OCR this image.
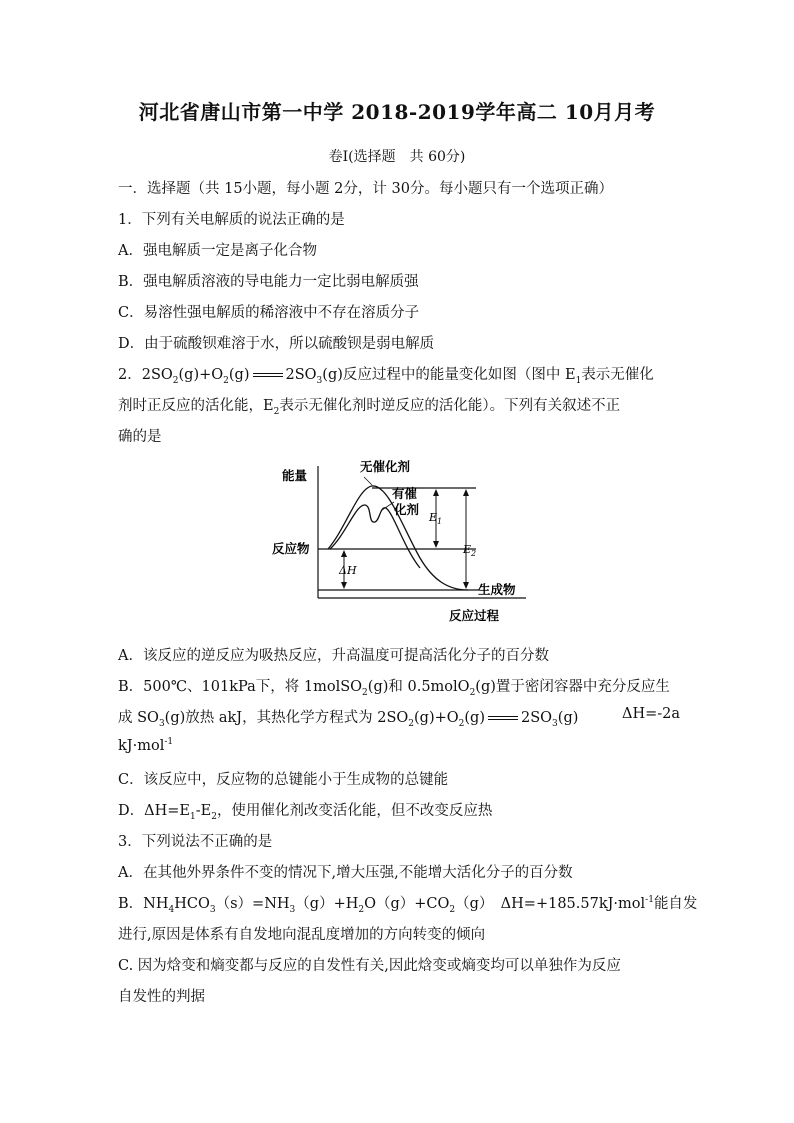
河北省唐山市第一中学 2018-2019学年高二 10月月考
卷Ⅰ(选择题　共 60分)
一．选择题（共 15小题，每小题 2分，计 30分。每小题只有一个选项正确）
1．下列有关电解质的说法正确的是
A．强电解质一定是离子化合物
B．强电解质溶液的导电能力一定比弱电解质强
C．易溶性强电解质的稀溶液中不存在溶质分子
D．由于硫酸钡难溶于水，所以硫酸钡是弱电解质
2．$2SO_2(g)+O_2(g)$ $2SO_3(g)$反应过程中的能量变化如图（图中 $E_1$表示无催化
剂时正反应的活化能，$E_2$表示无催化剂时逆反应的活化能）。下列有关叙述不正
确的是
能量
无催化剂
有催
化剂
反应物
ΔH
$E_1$
$E_2$
生成物
反应过程
A．该反应的逆反应为吸热反应，升高温度可提高活化分子的百分数
B．500℃、101kPa下，将 1molSO$_2$(g)和 0.5molO$_2$(g)置于密闭容器中充分反应生
成 $SO_3(g)$放热 akJ，其热化学方程式为 $2SO_2(g)+O_2(g)$ $2SO_3(g)$	ΔH=-2a
kJ·mol$^{-1}$
C．该反应中，反应物的总键能小于生成物的总键能
D．$\Delta H=E_1-E_2$，使用催化剂改变活化能，但不改变反应热
3．下列说法不正确的是
A．在其他外界条件不变的情况下,增大压强,不能增大活化分子的百分数
B．$NH_4HCO_3(s)=NH_3(g)+H_2O(g)+CO_2(g)$　ΔH=+185.57kJ·mol$^{-1}$能自发
进行,原因是体系有自发地向混乱度增加的方向转变的倾向
C. 因为焓变和熵变都与反应的自发性有关,因此焓变或熵变均可以单独作为反应
自发性的判据
